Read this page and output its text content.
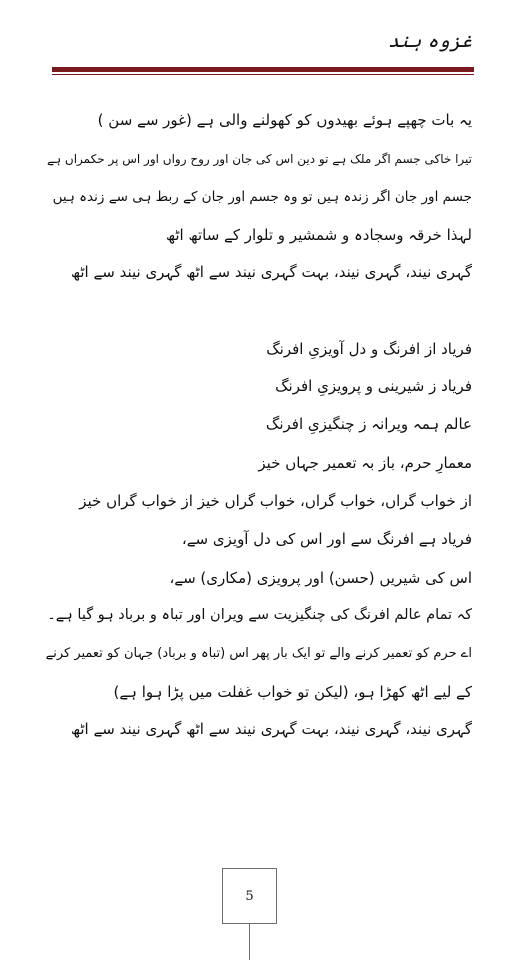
غزوہ ہند
یہ بات چھپے ہوئے بھیدوں کو کھولنے والی ہے (غور سے سن )
تیرا خاکی جسم اگر ملک ہے تو دین اس کی جان اور روح رواں اور اس پر حکمراں ہے
جسم اور جان اگر زندہ ہیں تو وہ جسم اور جان کے ربط ہی سے زندہ ہیں
لہذا خرقہ وسجادہ و شمشیر و تلوار کے ساتھ اٹھ
گہری نیند، گہری نیند، بہت گہری نیند سے اٹھ گہری نیند سے اٹھ
فریاد از افرنگ و دل آویزیِ افرنگ
فریاد ز شیرینی و پرویزیِ افرنگ
عالم ہمہ ویرانہ ز چنگیزیِ افرنگ
معمارِ حرم، باز بہ تعمیر جہاں خیز
از خواب گراں، خواب گراں، خواب گراں خیز از خواب گراں خیز
فریاد ہے افرنگ سے اور اس کی دل آویزی سے،
اس کی شیریں (حسن) اور پرویزی (مکاری) سے،
کہ تمام عالم افرنگ کی چنگیزیت سے ویران اور تباہ و برباد ہو گیا ہے۔
اے حرم کو تعمیر کرنے والے تو ایک بار پھر اس (تباہ و برباد) جہان کو تعمیر کرنے
کے لیے اٹھ کھڑا ہو، (لیکن تو خواب غفلت میں پڑا ہوا ہے)
گہری نیند، گہری نیند، بہت گہری نیند سے اٹھ گہری نیند سے اٹھ
5
